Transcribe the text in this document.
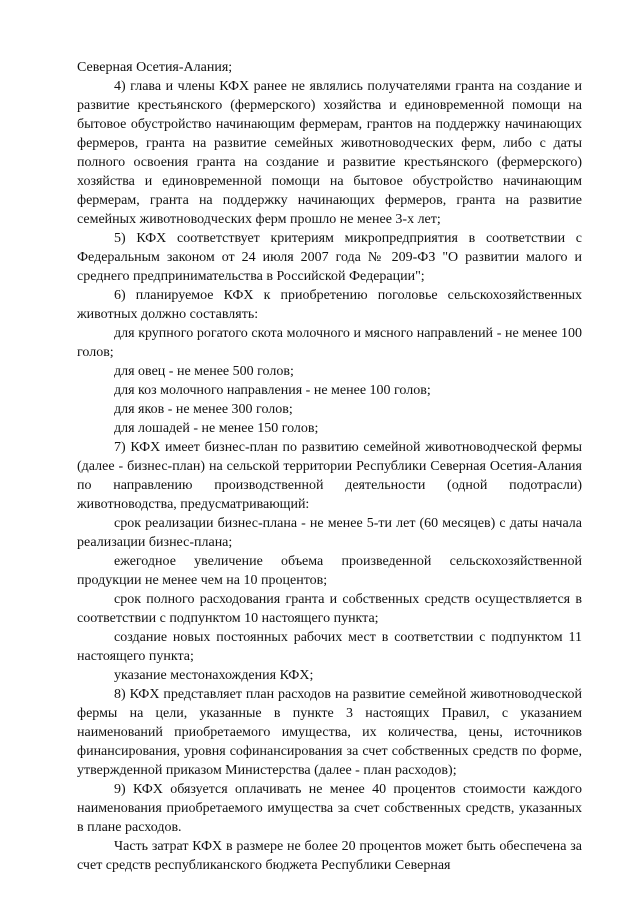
Северная Осетия-Алания;

4) глава и члены КФХ ранее не являлись получателями гранта на создание и развитие крестьянского (фермерского) хозяйства и единовременной помощи на бытовое обустройство начинающим фермерам, грантов на поддержку начинающих фермеров, гранта на развитие семейных животноводческих ферм, либо с даты полного освоения гранта на создание и развитие крестьянского (фермерского) хозяйства и единовременной помощи на бытовое обустройство начинающим фермерам, гранта на поддержку начинающих фермеров, гранта на развитие семейных животноводческих ферм прошло не менее 3-х лет;

5) КФХ соответствует критериям микропредприятия в соответствии с Федеральным законом от 24 июля 2007 года № 209-ФЗ "О развитии малого и среднего предпринимательства в Российской Федерации";

6) планируемое КФХ к приобретению поголовье сельскохозяйственных животных должно составлять:

для крупного рогатого скота молочного и мясного направлений - не менее 100 голов;

для овец - не менее 500 голов;

для коз молочного направления - не менее 100 голов;

для яков - не менее 300 голов;

для лошадей - не менее 150 голов;

7) КФХ имеет бизнес-план по развитию семейной животноводческой фермы (далее - бизнес-план) на сельской территории Республики Северная Осетия-Алания по направлению производственной деятельности (одной подотрасли) животноводства, предусматривающий:

срок реализации бизнес-плана - не менее 5-ти лет (60 месяцев) с даты начала реализации бизнес-плана;

ежегодное увеличение объема произведенной сельскохозяйственной продукции не менее чем на 10 процентов;

срок полного расходования гранта и собственных средств осуществляется в соответствии с подпунктом 10 настоящего пункта;

создание новых постоянных рабочих мест в соответствии с подпунктом 11 настоящего пункта;

указание местонахождения КФХ;

8) КФХ представляет план расходов на развитие семейной животноводческой фермы на цели, указанные в пункте 3 настоящих Правил, с указанием наименований приобретаемого имущества, их количества, цены, источников финансирования, уровня софинансирования за счет собственных средств по форме, утвержденной приказом Министерства (далее - план расходов);

9) КФХ обязуется оплачивать не менее 40 процентов стоимости каждого наименования приобретаемого имущества за счет собственных средств, указанных в плане расходов.

Часть затрат КФХ в размере не более 20 процентов может быть обеспечена за счет средств республиканского бюджета Республики Северная
